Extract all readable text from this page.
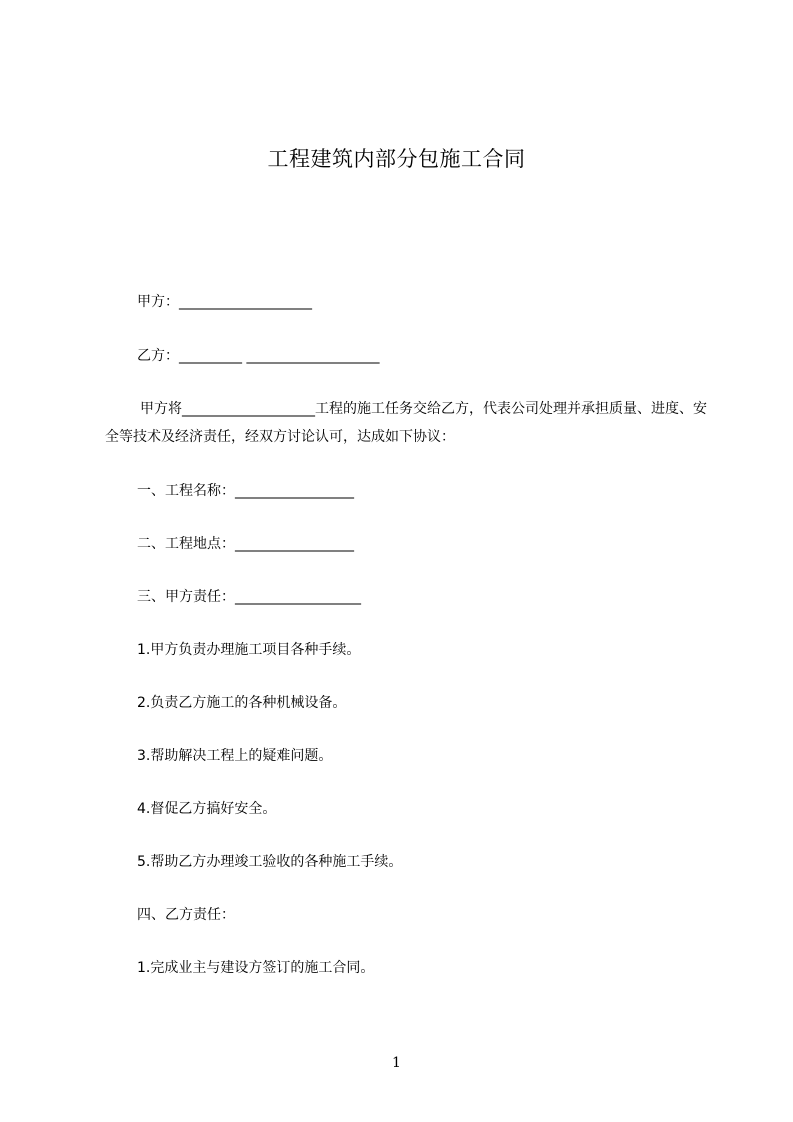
工程建筑内部分包施工合同
甲方：___________________
乙方：_________ ___________________
甲方将___________________工程的施工任务交给乙方，代表公司处理并承担质量、进度、安全等技术及经济责任，经双方讨论认可，达成如下协议：
一、工程名称：_________________
二、工程地点：_________________
三、甲方责任：__________________
1.甲方负责办理施工项目各种手续。
2.负责乙方施工的各种机械设备。
3.帮助解决工程上的疑难问题。
4.督促乙方搞好安全。
5.帮助乙方办理竣工验收的各种施工手续。
四、乙方责任：
1.完成业主与建设方签订的施工合同。
1
